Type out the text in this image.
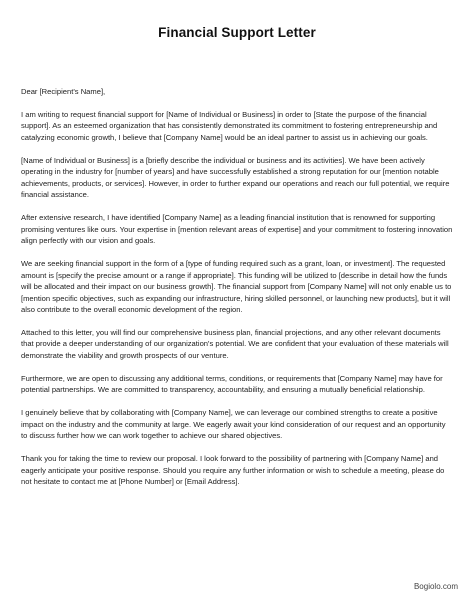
Financial Support Letter

Dear [Recipient's Name],

I am writing to request financial support for [Name of Individual or Business] in order to [State the purpose of the financial support]. As an esteemed organization that has consistently demonstrated its commitment to fostering entrepreneurship and catalyzing economic growth, I believe that [Company Name] would be an ideal partner to assist us in achieving our goals.

[Name of Individual or Business] is a [briefly describe the individual or business and its activities]. We have been actively operating in the industry for [number of years] and have successfully established a strong reputation for our [mention notable achievements, products, or services]. However, in order to further expand our operations and reach our full potential, we require financial assistance.

After extensive research, I have identified [Company Name] as a leading financial institution that is renowned for supporting promising ventures like ours. Your expertise in [mention relevant areas of expertise] and your commitment to fostering innovation align perfectly with our vision and goals.

We are seeking financial support in the form of a [type of funding required such as a grant, loan, or investment]. The requested amount is [specify the precise amount or a range if appropriate]. This funding will be utilized to [describe in detail how the funds will be allocated and their impact on our business growth]. The financial support from [Company Name] will not only enable us to [mention specific objectives, such as expanding our infrastructure, hiring skilled personnel, or launching new products], but it will also contribute to the overall economic development of the region.

Attached to this letter, you will find our comprehensive business plan, financial projections, and any other relevant documents that provide a deeper understanding of our organization's potential. We are confident that your evaluation of these materials will demonstrate the viability and growth prospects of our venture.

Furthermore, we are open to discussing any additional terms, conditions, or requirements that [Company Name] may have for potential partnerships. We are committed to transparency, accountability, and ensuring a mutually beneficial relationship.

I genuinely believe that by collaborating with [Company Name], we can leverage our combined strengths to create a positive impact on the industry and the community at large. We eagerly await your kind consideration of our request and an opportunity to discuss further how we can work together to achieve our shared objectives.

Thank you for taking the time to review our proposal. I look forward to the possibility of partnering with [Company Name] and eagerly anticipate your positive response. Should you require any further information or wish to schedule a meeting, please do not hesitate to contact me at [Phone Number] or [Email Address].

Bogiolo.com
